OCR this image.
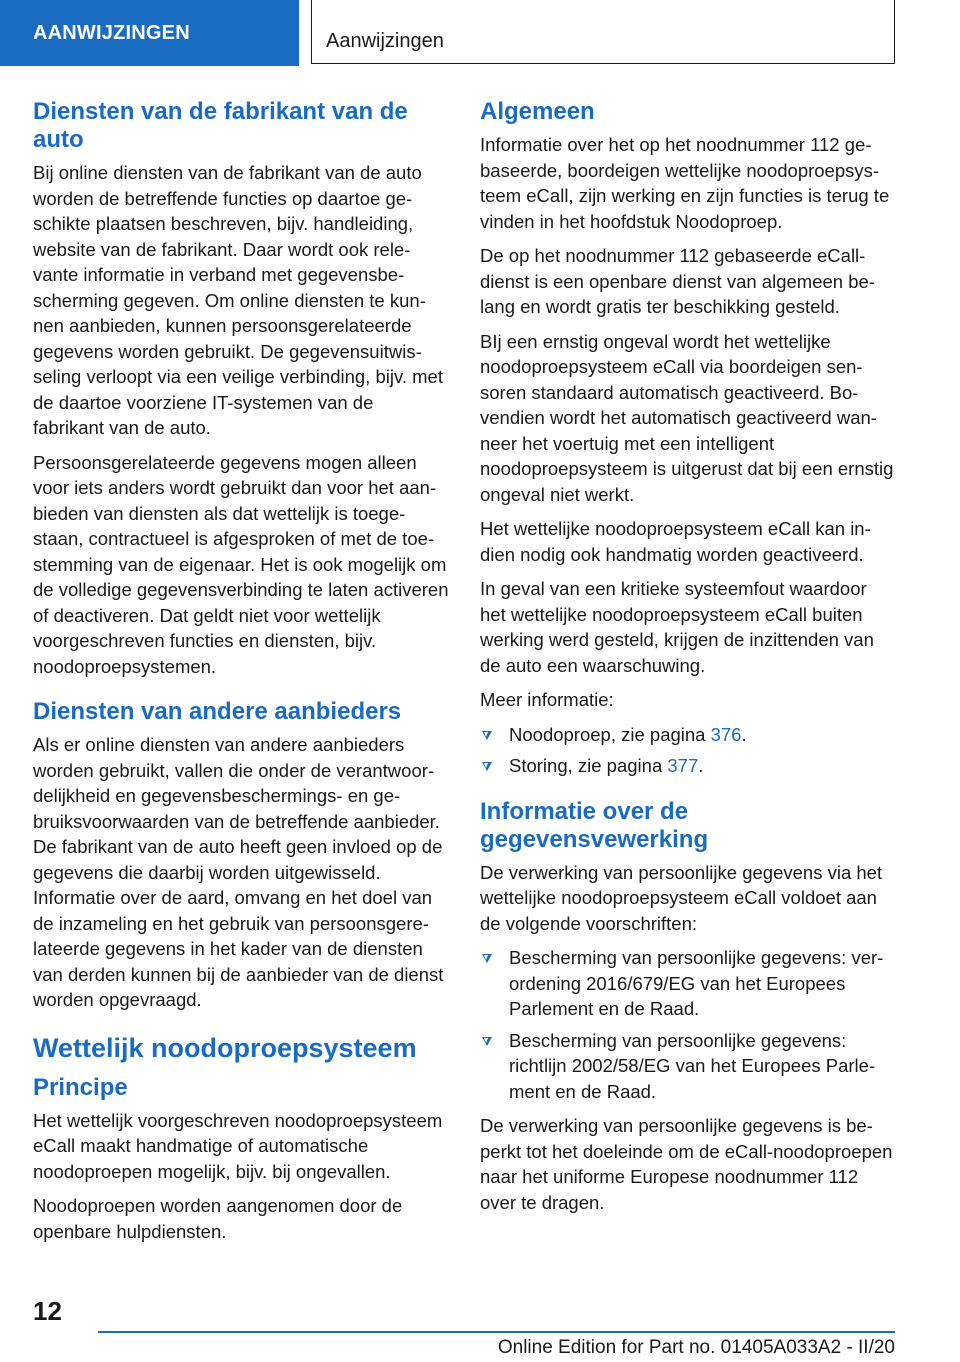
AANWIJZINGEN	Aanwijzingen
Diensten van de fabrikant van de auto

Bij online diensten van de fabrikant van de auto worden de betreffende functies op daartoe geschikte plaatsen beschreven, bijv. handleiding, website van de fabrikant. Daar wordt ook relevante informatie in verband met gegevensbescherming gegeven. Om online diensten te kunnen aanbieden, kunnen persoonsgerelateerde gegevens worden gebruikt. De gegevensuitwisseling verloopt via een veilige verbinding, bijv. met de daartoe voorziene IT-systemen van de fabrikant van de auto.

Persoonsgerelateerde gegevens mogen alleen voor iets anders wordt gebruikt dan voor het aanbieden van diensten als dat wettelijk is toegestaan, contractueel is afgesproken of met de toestemming van de eigenaar. Het is ook mogelijk om de volledige gegevensverbinding te laten activeren of deactiveren. Dat geldt niet voor wettelijk voorgeschreven functies en diensten, bijv. noodoproepsystemen.

Diensten van andere aanbieders

Als er online diensten van andere aanbieders worden gebruikt, vallen die onder de verantwoordelijkheid en gegevensbeschermings- en gebruiksvoorwaarden van de betreffende aanbieder. De fabrikant van de auto heeft geen invloed op de gegevens die daarbij worden uitgewisseld. Informatie over de aard, omvang en het doel van de inzameling en het gebruik van persoonsgerelateerde gegevens in het kader van de diensten van derden kunnen bij de aanbieder van de dienst worden opgevraagd.

Wettelijk noodoproepsysteem
Principe

Het wettelijk voorgeschreven noodoproepsysteem eCall maakt handmatige of automatische noodoproepen mogelijk, bijv. bij ongevallen.

Noodoproepen worden aangenomen door de openbare hulpdiensten.

Algemeen

Informatie over het op het noodnummer 112 gebaseerde, boordeigen wettelijke noodoproepsysteem eCall, zijn werking en zijn functies is terug te vinden in het hoofdstuk Noodoproep.

De op het noodnummer 112 gebaseerde eCall-dienst is een openbare dienst van algemeen belang en wordt gratis ter beschikking gesteld.

BIj een ernstig ongeval wordt het wettelijke noodoproepsysteem eCall via boordeigen sensoren standaard automatisch geactiveerd. Bovendien wordt het automatisch geactiveerd wanneer het voertuig met een intelligent noodoproepsysteem is uitgerust dat bij een ernstig ongeval niet werkt.

Het wettelijke noodoproepsysteem eCall kan indien nodig ook handmatig worden geactiveerd.

In geval van een kritieke systeemfout waardoor het wettelijke noodoproepsysteem eCall buiten werking werd gesteld, krijgen de inzittenden van de auto een waarschuwing.

Meer informatie:

Noodoproep, zie pagina 376.
Storing, zie pagina 377.
Informatie over de gegevensvewerking

De verwerking van persoonlijke gegevens via het wettelijke noodoproepsysteem eCall voldoet aan de volgende voorschriften:

Bescherming van persoonlijke gegevens: verordening 2016/679/EG van het Europees Parlement en de Raad.
Bescherming van persoonlijke gegevens: richtlijn 2002/58/EG van het Europees Parlement en de Raad.

De verwerking van persoonlijke gegevens is beperkt tot het doeleinde om de eCall-noodoproepen naar het uniforme Europese noodnummer 112 over te dragen.

12
Online Edition for Part no. 01405A033A2 - II/20
